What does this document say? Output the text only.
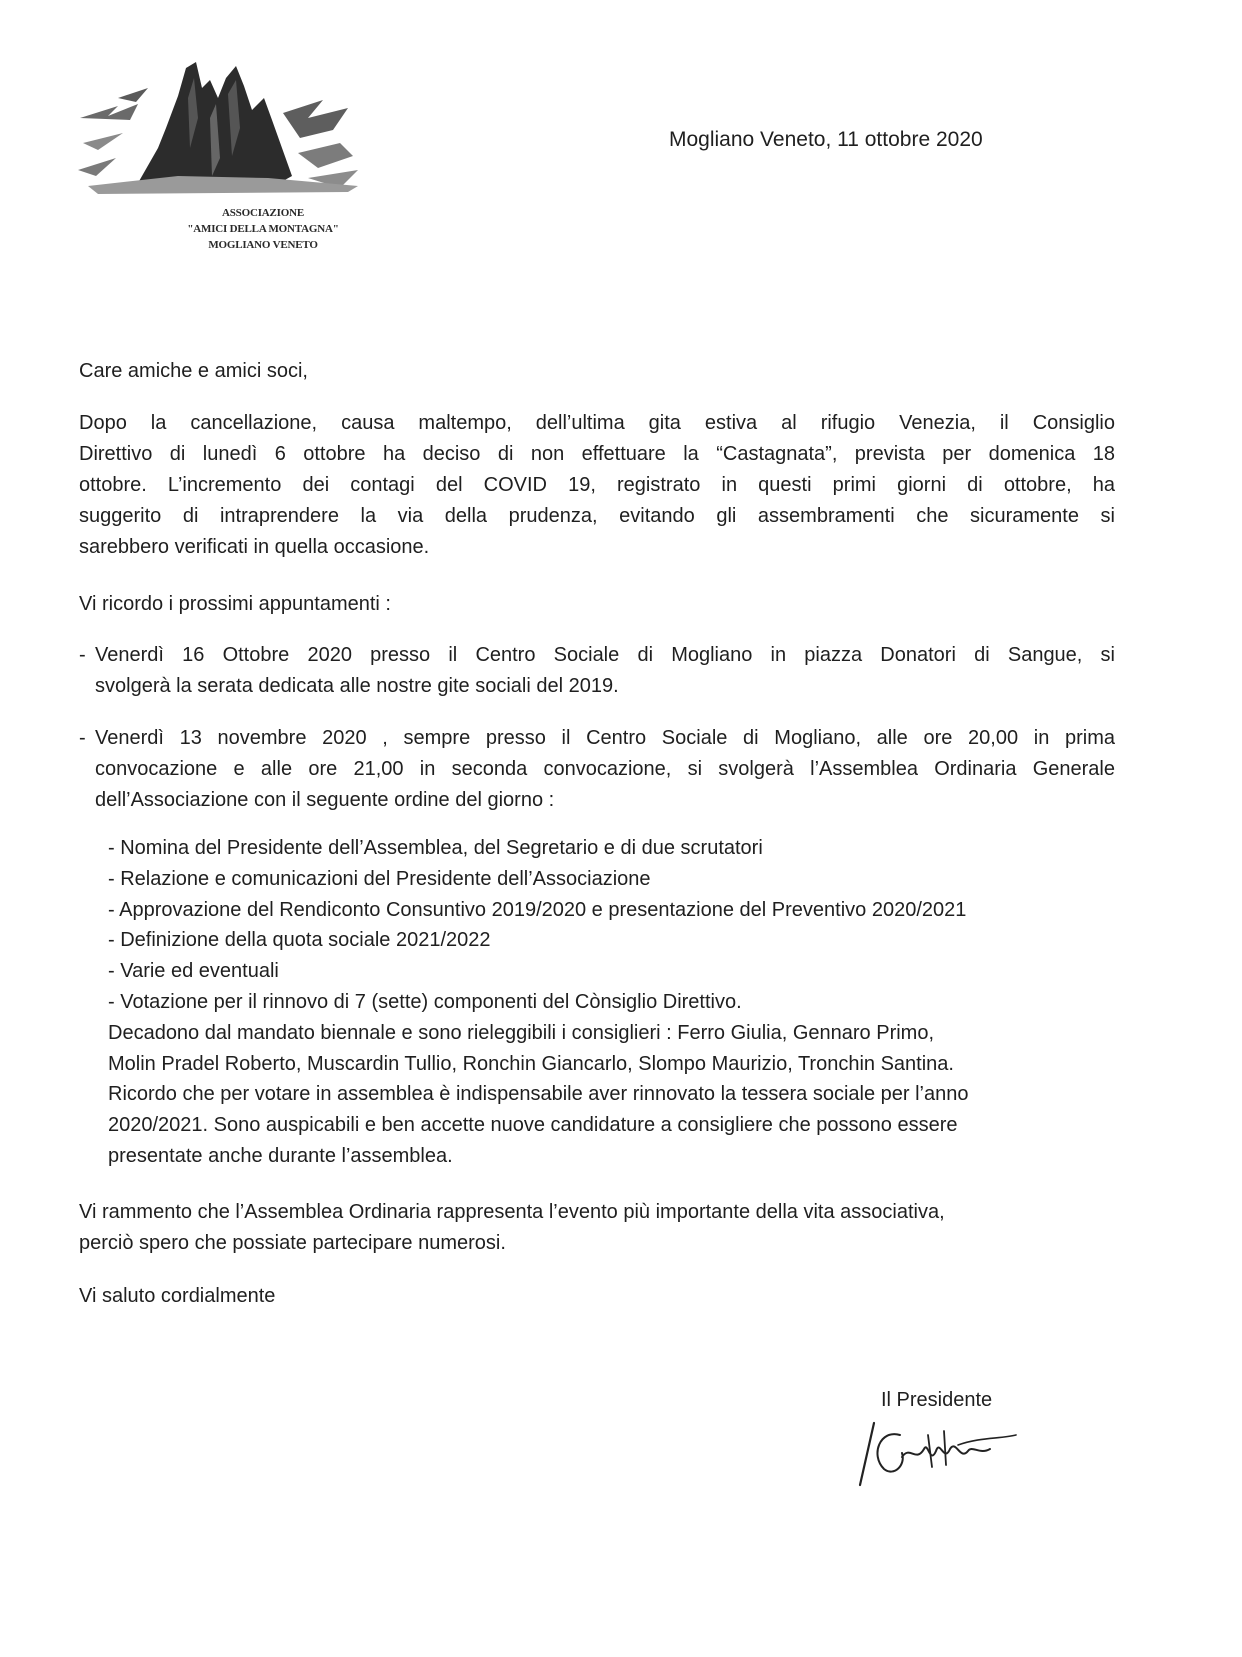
ASSOCIAZIONE
"AMICI DELLA MONTAGNA"
MOGLIANO VENETO
Mogliano Veneto, 11 ottobre 2020
Care amiche e amici soci,
Dopo la cancellazione, causa maltempo, dell’ultima gita estiva al rifugio Venezia, il Consiglio
Direttivo di lunedì 6 ottobre ha deciso di non effettuare la “Castagnata”, prevista per domenica 18
ottobre. L’incremento dei contagi del COVID 19, registrato in questi primi giorni di ottobre, ha
suggerito di intraprendere la via della prudenza, evitando gli assembramenti che sicuramente si
sarebbero verificati in quella occasione.
Vi ricordo i prossimi appuntamenti :
- Venerdì 16 Ottobre 2020 presso il Centro Sociale di Mogliano in piazza Donatori di Sangue, si
svolgerà la serata dedicata alle nostre gite sociali del 2019.
- Venerdì 13 novembre 2020 , sempre presso il Centro Sociale di Mogliano, alle ore 20,00 in prima
convocazione e alle ore 21,00 in seconda convocazione, si svolgerà l’Assemblea Ordinaria Generale
dell’Associazione con il seguente ordine del giorno :
- Nomina del Presidente dell’Assemblea, del Segretario e di due scrutatori
- Relazione e comunicazioni del Presidente dell’Associazione
- Approvazione del Rendiconto Consuntivo 2019/2020 e presentazione del Preventivo 2020/2021
- Definizione della quota sociale 2021/2022
- Varie ed eventuali
- Votazione per il rinnovo di 7 (sette) componenti del Cònsiglio Direttivo.
Decadono dal mandato biennale e sono rieleggibili i consiglieri : Ferro Giulia, Gennaro Primo,
Molin Pradel Roberto, Muscardin Tullio, Ronchin Giancarlo, Slompo Maurizio, Tronchin Santina.
Ricordo che per votare in assemblea è indispensabile aver rinnovato la tessera sociale per l’anno
2020/2021. Sono auspicabili e ben accette nuove candidature a consigliere che possono essere
presentate anche durante l’assemblea.
Vi rammento che l’Assemblea Ordinaria rappresenta l’evento più importante della vita associativa,
perciò spero che possiate partecipare numerosi.
Vi saluto cordialmente
Il Presidente
